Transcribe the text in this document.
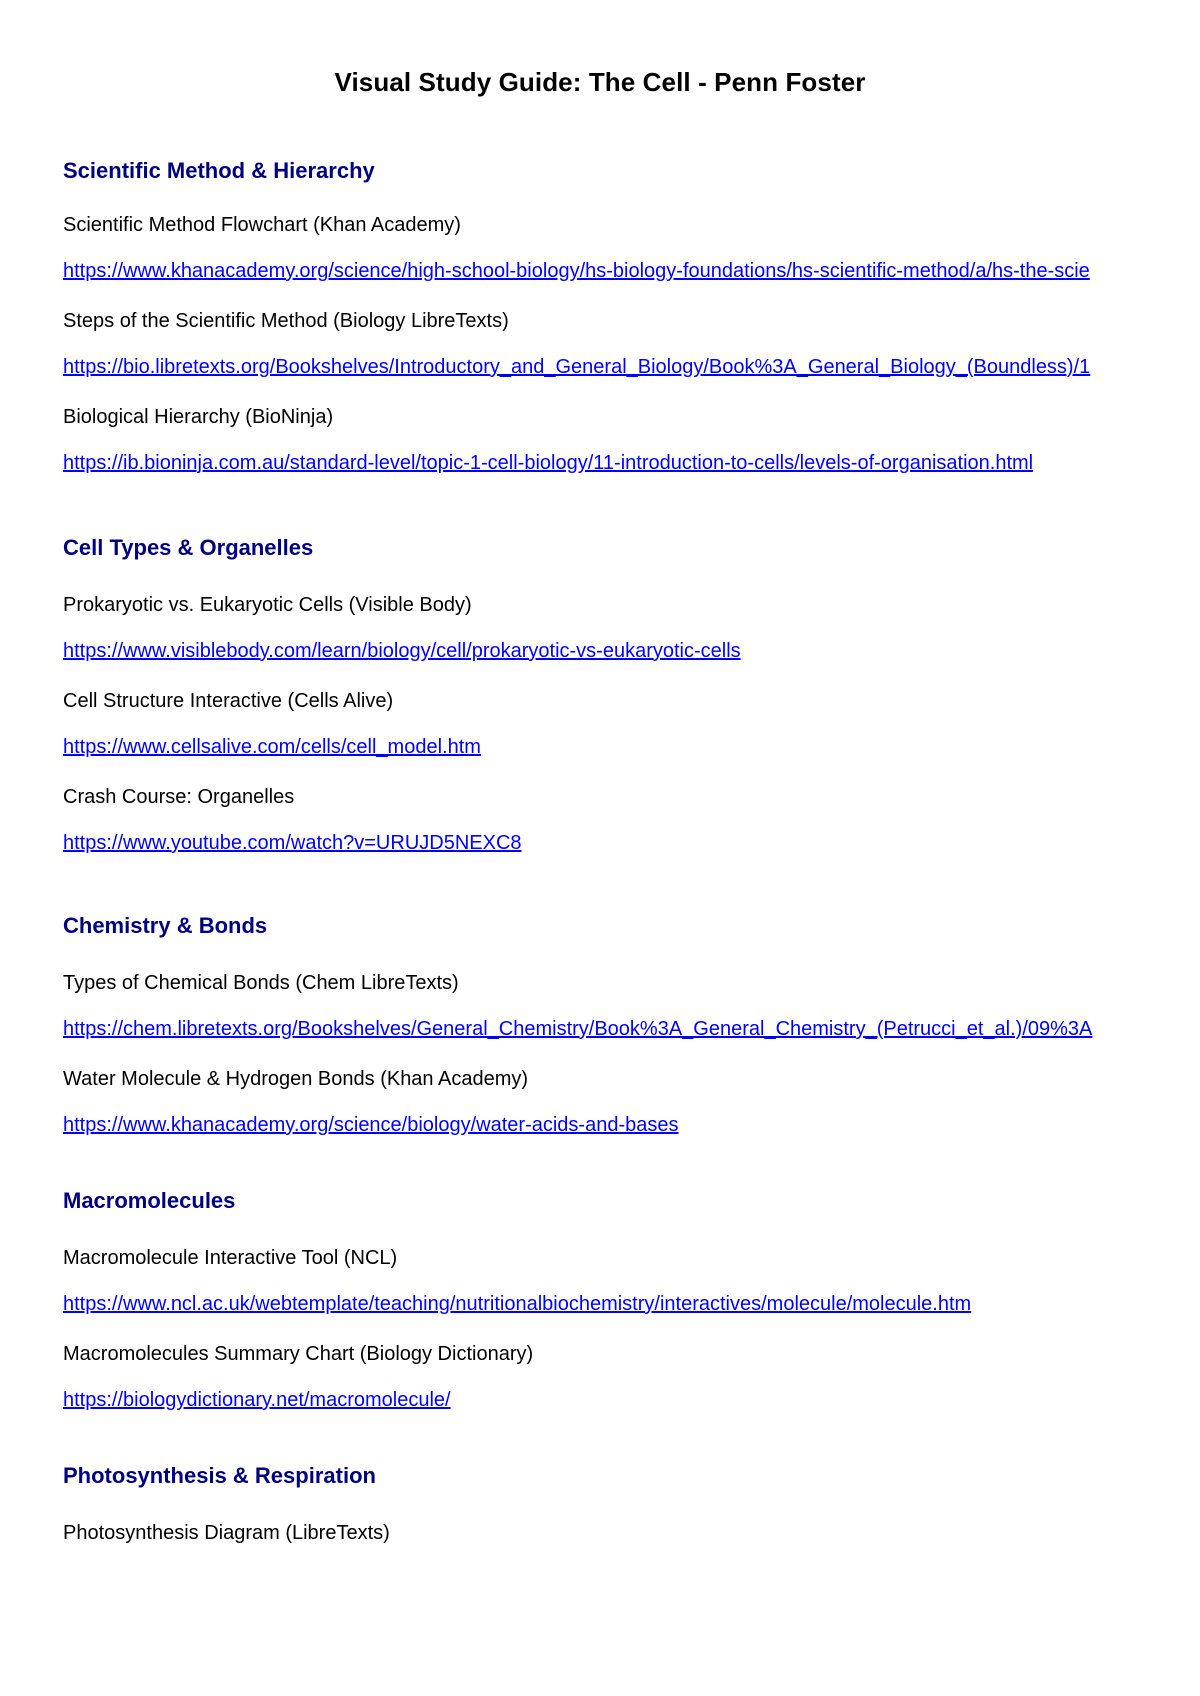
Visual Study Guide: The Cell - Penn Foster
Scientific Method & Hierarchy
Scientific Method Flowchart (Khan Academy)
https://www.khanacademy.org/science/high-school-biology/hs-biology-foundations/hs-scientific-method/a/hs-the-scie
Steps of the Scientific Method (Biology LibreTexts)
https://bio.libretexts.org/Bookshelves/Introductory_and_General_Biology/Book%3A_General_Biology_(Boundless)/1
Biological Hierarchy (BioNinja)
https://ib.bioninja.com.au/standard-level/topic-1-cell-biology/11-introduction-to-cells/levels-of-organisation.html
Cell Types & Organelles
Prokaryotic vs. Eukaryotic Cells (Visible Body)
https://www.visiblebody.com/learn/biology/cell/prokaryotic-vs-eukaryotic-cells
Cell Structure Interactive (Cells Alive)
https://www.cellsalive.com/cells/cell_model.htm
Crash Course: Organelles
https://www.youtube.com/watch?v=URUJD5NEXC8
Chemistry & Bonds
Types of Chemical Bonds (Chem LibreTexts)
https://chem.libretexts.org/Bookshelves/General_Chemistry/Book%3A_General_Chemistry_(Petrucci_et_al.)/09%3A
Water Molecule & Hydrogen Bonds (Khan Academy)
https://www.khanacademy.org/science/biology/water-acids-and-bases
Macromolecules
Macromolecule Interactive Tool (NCL)
https://www.ncl.ac.uk/webtemplate/teaching/nutritionalbiochemistry/interactives/molecule/molecule.htm
Macromolecules Summary Chart (Biology Dictionary)
https://biologydictionary.net/macromolecule/
Photosynthesis & Respiration
Photosynthesis Diagram (LibreTexts)
